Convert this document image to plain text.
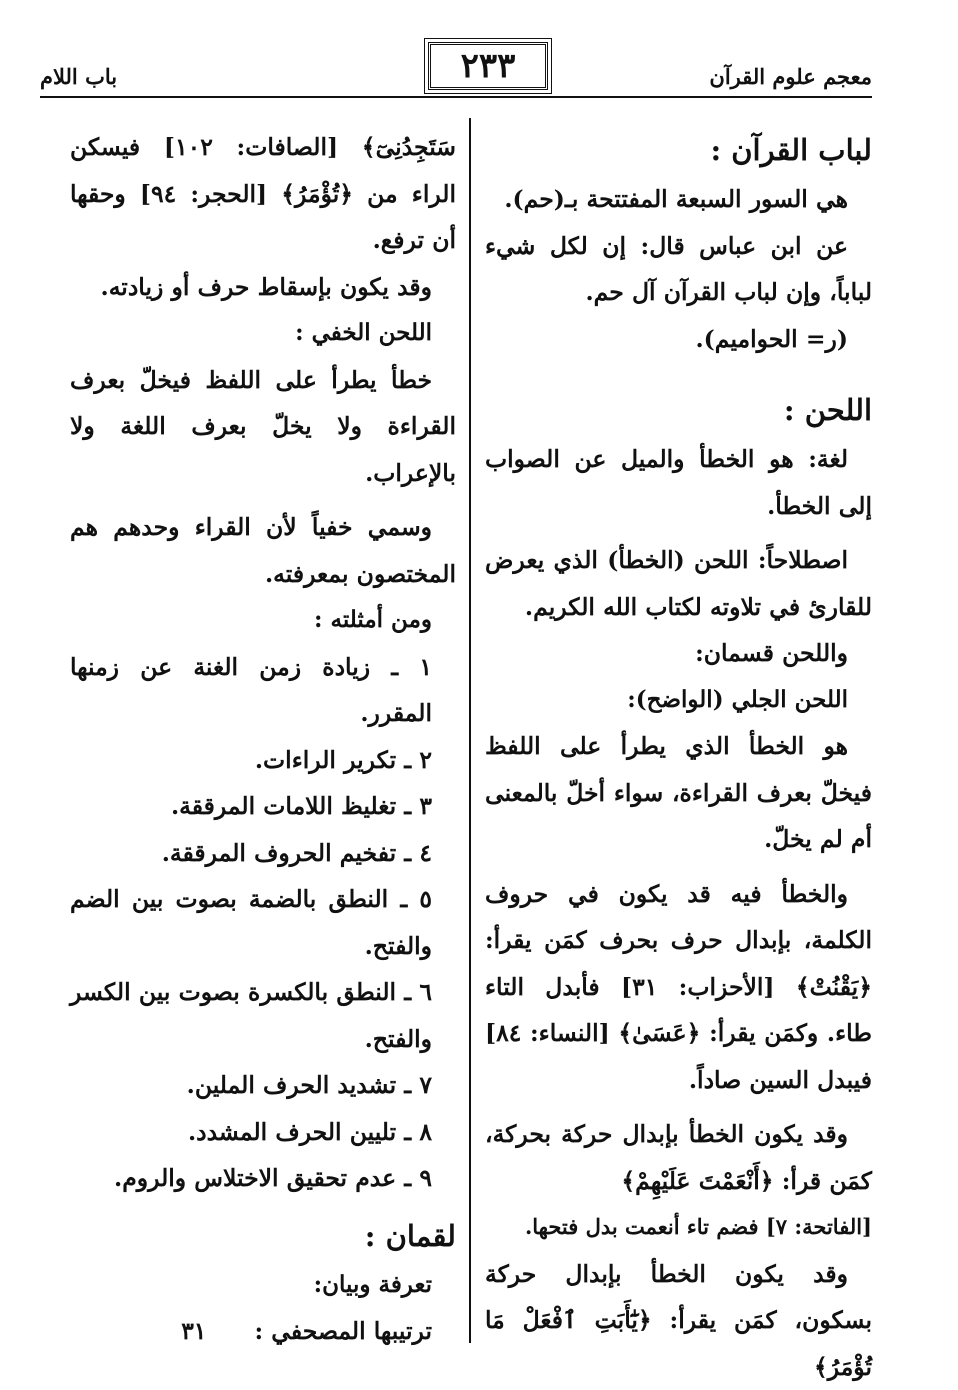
معجم علوم القرآن
٢٣٣
باب اللام

لباب القرآن :

هي السور السبعة المفتتحة بـ(حم).

عن ابن عباس قال: إن لكل شيء لباباً، وإن لباب القرآن آل حم.

(ر= الحواميم).

اللحن :

لغة: هو الخطأ والميل عن الصواب إلى الخطأ.

اصطلاحاً: اللحن (الخطأ) الذي يعرض للقارئ في تلاوته لكتاب الله الكريم.

واللحن قسمان:

اللحن الجلي (الواضح):

هو الخطأ الذي يطرأ على اللفظ فيخلّ بعرف القراءة، سواء أخلّ بالمعنى أم لم يخلّ.

والخطأ فيه قد يكون في حروف الكلمة، بإبدال حرف بحرف كمَن يقرأ: ﴿يَقْنُتْ﴾ [الأحزاب: ٣١] فأبدل التاء طاء. وكمَن يقرأ: ﴿عَسَىٰ﴾ [النساء: ٨٤] فيبدل السين صاداً.

وقد يكون الخطأ بإبدال حركة بحركة، كمَن قرأ: ﴿أَنْعَمْتَ عَلَيْهِمْ﴾

[الفاتحة: ٧] فضم تاء أنعمت بدل فتحها.

وقد يكون الخطأ بإبدال حركة بسكون، كمَن يقرأ: ﴿يَٰٓأَبَتِ ٱفْعَلْ مَا تُؤْمَرُ﴾

سَتَجِدُنِىٓ﴾ [الصافات: ١٠٢] فيسكن الراء من ﴿تُؤْمَرُ﴾ [الحجر: ٩٤] وحقها أن ترفع.

وقد يكون بإسقاط حرف أو زيادته.

اللحن الخفي :

خطأ يطرأ على اللفظ فيخلّ بعرف القراءة ولا يخلّ بعرف اللغة ولا بالإعراب.

وسمي خفياً لأن القراء وحدهم هم المختصون بمعرفته.

ومن أمثلته :

١ ـ زيادة زمن الغنة عن زمنها المقرر.

٢ ـ تكرير الراءات.

٣ ـ تغليظ اللامات المرققة.

٤ ـ تفخيم الحروف المرققة.

٥ ـ النطق بالضمة بصوت بين الضم والفتح.

٦ ـ النطق بالكسرة بصوت بين الكسر والفتح.

٧ ـ تشديد الحرف الملين.

٨ ـ تليين الحرف المشدد.

٩ ـ عدم تحقيق الاختلاس والروم.

لقمان :

تعرفة وبيان:

ترتيبها المصحفي :
٣١
